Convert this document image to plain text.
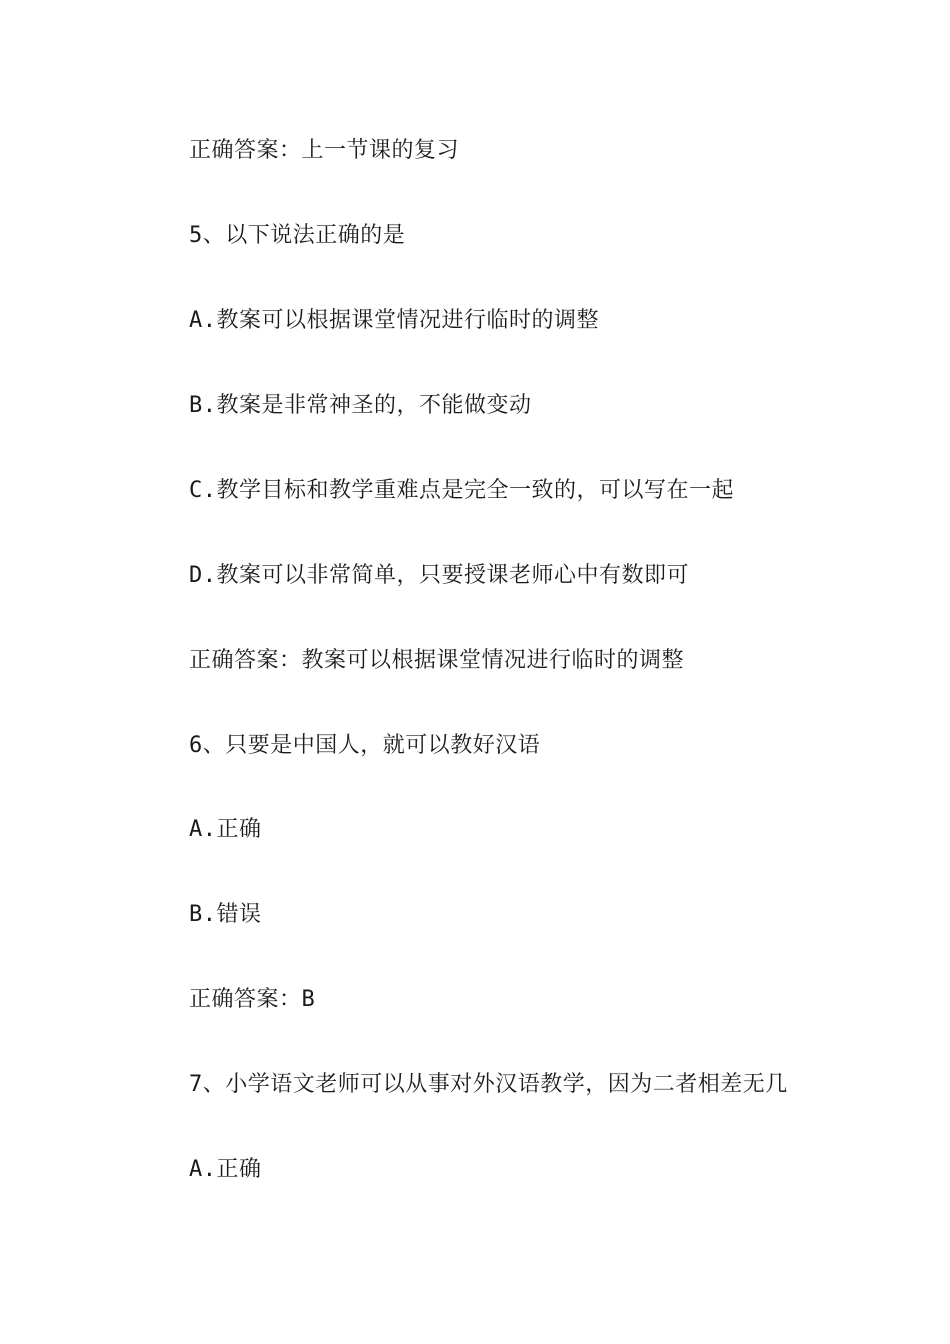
正确答案：上一节课的复习
5、以下说法正确的是
A.教案可以根据课堂情况进行临时的调整
B.教案是非常神圣的，不能做变动
C.教学目标和教学重难点是完全一致的，可以写在一起
D.教案可以非常简单，只要授课老师心中有数即可
正确答案：教案可以根据课堂情况进行临时的调整
6、只要是中国人，就可以教好汉语
A.正确
B.错误
正确答案：B
7、小学语文老师可以从事对外汉语教学，因为二者相差无几
A.正确
